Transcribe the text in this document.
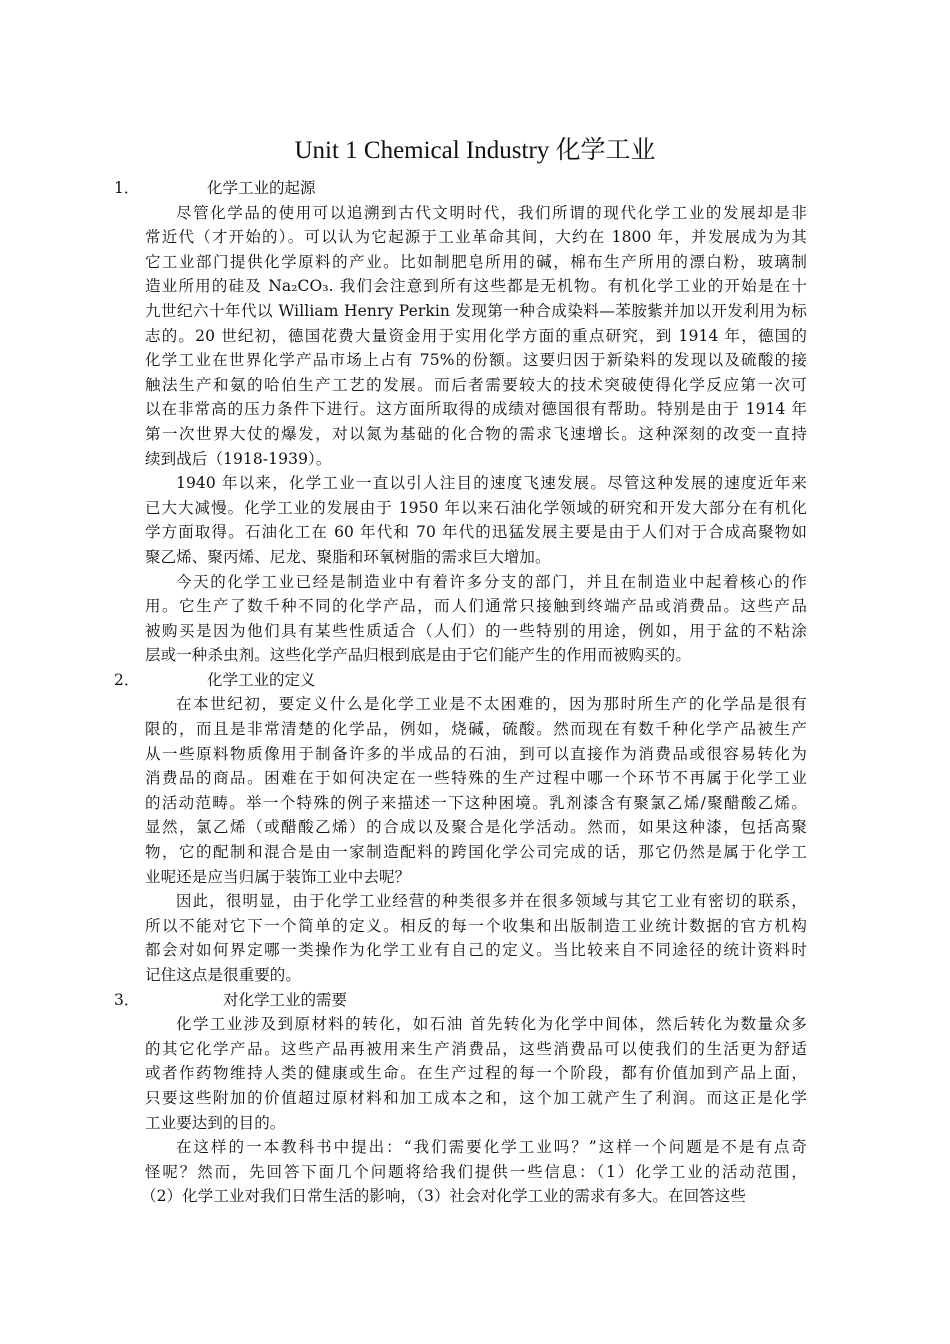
Unit 1 Chemical Industry 化学工业
1．	化学工业的起源
尽管化学品的使用可以追溯到古代文明时代，我们所谓的现代化学工业的发展却是非
常近代（才开始的）。可以认为它起源于工业革命其间，大约在 1800 年，并发展成为为其
它工业部门提供化学原料的产业。比如制肥皂所用的碱，棉布生产所用的漂白粉，玻璃制
造业所用的硅及 Na₂CO₃. 我们会注意到所有这些都是无机物。有机化学工业的开始是在十
九世纪六十年代以 William Henry Perkin 发现第一种合成染料—苯胺紫并加以开发利用为标
志的。20 世纪初，德国花费大量资金用于实用化学方面的重点研究，到 1914 年，德国的
化学工业在世界化学产品市场上占有 75%的份额。这要归因于新染料的发现以及硫酸的接
触法生产和氨的哈伯生产工艺的发展。而后者需要较大的技术突破使得化学反应第一次可
以在非常高的压力条件下进行。这方面所取得的成绩对德国很有帮助。特别是由于 1914 年
第一次世界大仗的爆发，对以氮为基础的化合物的需求飞速增长。这种深刻的改变一直持
续到战后（1918-1939）。
1940 年以来，化学工业一直以引人注目的速度飞速发展。尽管这种发展的速度近年来
已大大减慢。化学工业的发展由于 1950 年以来石油化学领域的研究和开发大部分在有机化
学方面取得。石油化工在 60 年代和 70 年代的迅猛发展主要是由于人们对于合成高聚物如
聚乙烯、聚丙烯、尼龙、聚脂和环氧树脂的需求巨大增加。
今天的化学工业已经是制造业中有着许多分支的部门，并且在制造业中起着核心的作
用。它生产了数千种不同的化学产品，而人们通常只接触到终端产品或消费品。这些产品
被购买是因为他们具有某些性质适合（人们）的一些特别的用途，例如，用于盆的不粘涂
层或一种杀虫剂。这些化学产品归根到底是由于它们能产生的作用而被购买的。
2．	化学工业的定义
在本世纪初，要定义什么是化学工业是不太困难的，因为那时所生产的化学品是很有
限的，而且是非常清楚的化学品，例如，烧碱，硫酸。然而现在有数千种化学产品被生产
从一些原料物质像用于制备许多的半成品的石油，到可以直接作为消费品或很容易转化为
消费品的商品。困难在于如何决定在一些特殊的生产过程中哪一个环节不再属于化学工业
的活动范畴。举一个特殊的例子来描述一下这种困境。乳剂漆含有聚氯乙烯/聚醋酸乙烯。
显然，氯乙烯（或醋酸乙烯）的合成以及聚合是化学活动。然而，如果这种漆，包括高聚
物，它的配制和混合是由一家制造配料的跨国化学公司完成的话，那它仍然是属于化学工
业呢还是应当归属于装饰工业中去呢？
因此，很明显，由于化学工业经营的种类很多并在很多领域与其它工业有密切的联系，
所以不能对它下一个简单的定义。相反的每一个收集和出版制造工业统计数据的官方机构
都会对如何界定哪一类操作为化学工业有自己的定义。当比较来自不同途径的统计资料时
记住这点是很重要的。
3．	对化学工业的需要
化学工业涉及到原材料的转化，如石油 首先转化为化学中间体，然后转化为数量众多
的其它化学产品。这些产品再被用来生产消费品，这些消费品可以使我们的生活更为舒适
或者作药物维持人类的健康或生命。在生产过程的每一个阶段，都有价值加到产品上面，
只要这些附加的价值超过原材料和加工成本之和，这个加工就产生了利润。而这正是化学
工业要达到的目的。
在这样的一本教科书中提出：“我们需要化学工业吗？”这样一个问题是不是有点奇
怪呢？然而，先回答下面几个问题将给我们提供一些信息：（1）化学工业的活动范围，
（2）化学工业对我们日常生活的影响，（3）社会对化学工业的需求有多大。在回答这些
